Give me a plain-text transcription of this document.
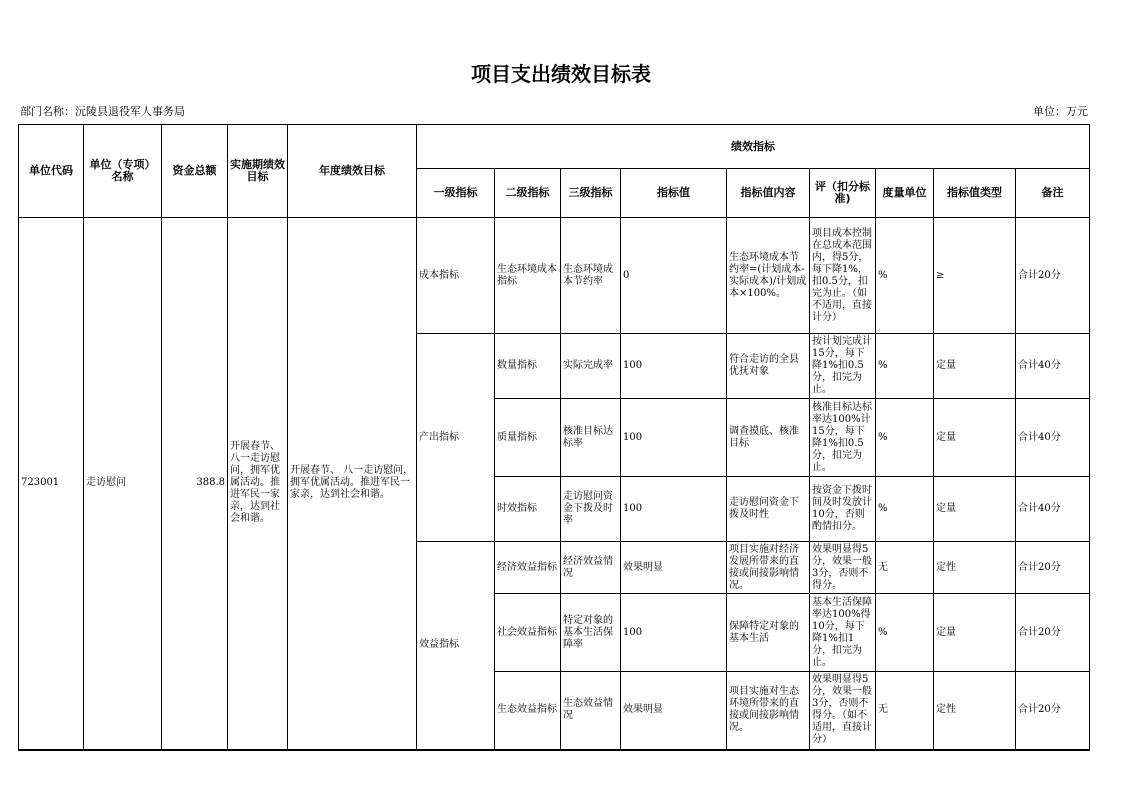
项目支出绩效目标表
部门名称：沅陵县退役军人事务局	单位：万元
单位代码	单位（专项）名称	资金总额	实施期绩效目标	年度绩效目标	绩效指标								
					一级指标	二级指标	三级指标	指标值	指标值内容	评（扣分标准)	度量单位	指标值类型	备注
723001	走访慰问	388.8	开展春节、八一走访慰问，拥军优属活动。推进军民一家亲，达到社会和谐。	开展春节、 八一走访慰问，拥军优属活动。推进军民一家亲，达到社会和谐。	成本指标	生态环境成本指标	生态环境成本节约率	0	生态环境成本节约率=(计划成本-实际成本)/计划成本×100%。	项目成本控制在总成本范围内，得5分，每下降1%，扣0.5分，扣完为止。（如不适用，直接计分）	%	≥	合计20分
					产出指标	数量指标	实际完成率	100	符合走访的全县优抚对象	按计划完成计15分，每下降1%扣0.5分，扣完为止。	%	定量	合计40分
						质量指标	核准目标达标率	100	调查摸底、核准目标	核准目标达标率达100%计15分，每下降1%扣0.5分，扣完为止。	%	定量	合计40分
						时效指标	走访慰问资金下拨及时率	100	走访慰问资金下拨及时性	按资金下拨时间及时发放计10分，否则酌情扣分。	%	定量	合计40分
					效益指标	经济效益指标	经济效益情况	效果明显	项目实施对经济发展所带来的直接或间接影响情况。	效果明显得5分，效果一般3分，否则不得分。	无	定性	合计20分
						社会效益指标	特定对象的基本生活保障率	100	保障特定对象的基本生活	基本生活保障率达100%得10分，每下降1%扣1分，扣完为止。	%	定量	合计20分
						生态效益指标	生态效益情况	效果明显	项目实施对生态环境所带来的直接或间接影响情况。	效果明显得5分，效果一般3分，否则不得分。（如不适用，直接计分）	无	定性	合计20分
